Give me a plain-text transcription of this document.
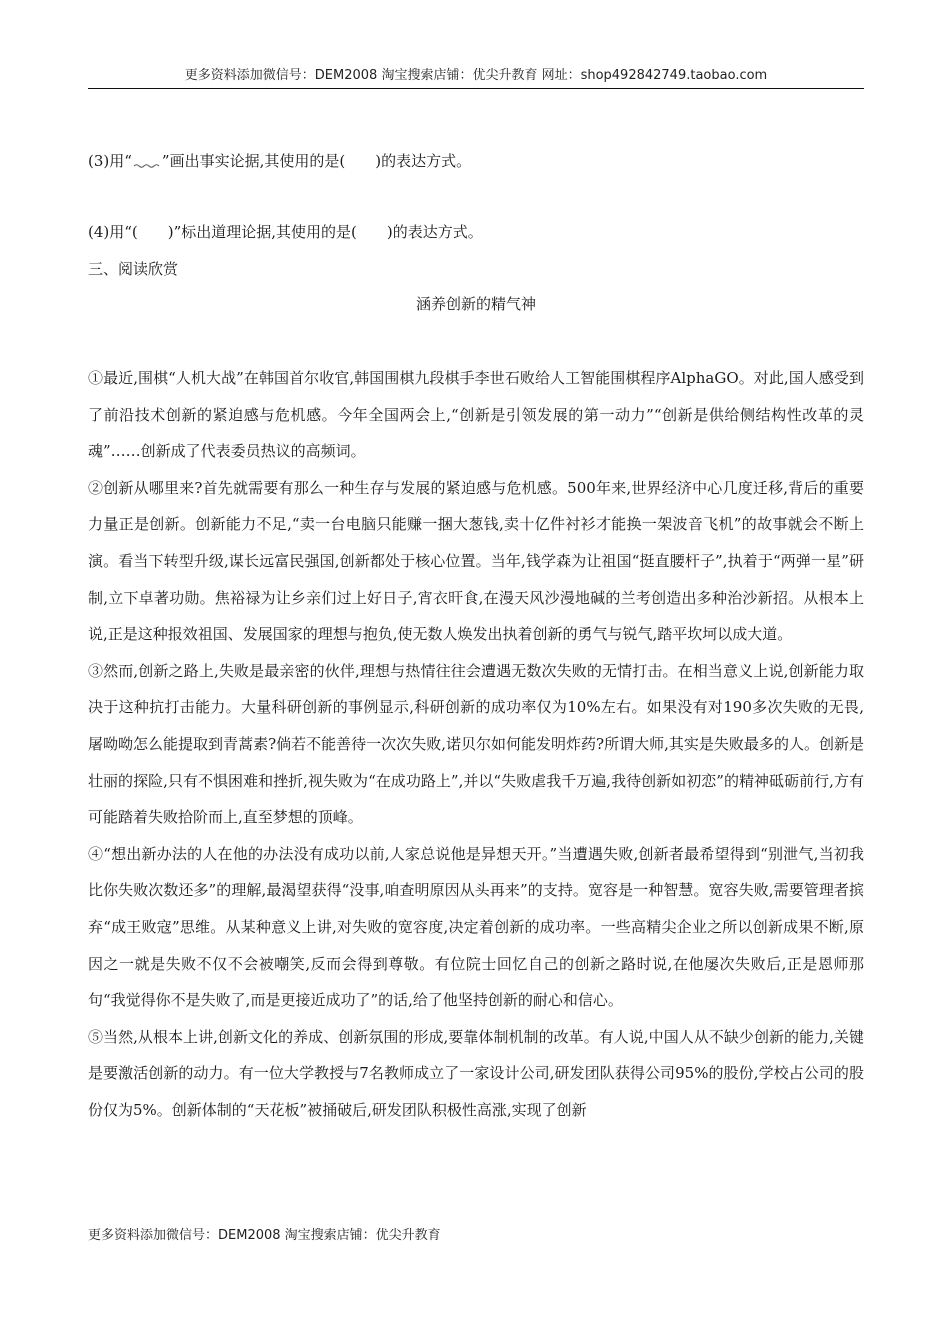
更多资料添加微信号：DEM2008 淘宝搜索店铺：优尖升教育 网址：shop492842749.taobao.com
(3)用“ ”画出事实论据,其使用的是(　　)的表达方式。
(4)用“(　　)”标出道理论据,其使用的是(　　)的表达方式。
三、阅读欣赏
涵养创新的精气神

①最近,围棋“人机大战”在韩国首尔收官,韩国围棋九段棋手李世石败给人工智能围棋程序AlphaGO。对此,国人感受到了前沿技术创新的紧迫感与危机感。今年全国两会上,“创新是引领发展的第一动力”“创新是供给侧结构性改革的灵魂”……创新成了代表委员热议的高频词。

②创新从哪里来?首先就需要有那么一种生存与发展的紧迫感与危机感。500年来,世界经济中心几度迁移,背后的重要力量正是创新。创新能力不足,“卖一台电脑只能赚一捆大葱钱,卖十亿件衬衫才能换一架波音飞机”的故事就会不断上演。看当下转型升级,谋长远富民强国,创新都处于核心位置。当年,钱学森为让祖国“挺直腰杆子”,执着于“两弹一星”研制,立下卓著功勋。焦裕禄为让乡亲们过上好日子,宵衣旰食,在漫天风沙漫地碱的兰考创造出多种治沙新招。从根本上说,正是这种报效祖国、发展国家的理想与抱负,使无数人焕发出执着创新的勇气与锐气,踏平坎坷以成大道。

③然而,创新之路上,失败是最亲密的伙伴,理想与热情往往会遭遇无数次失败的无情打击。在相当意义上说,创新能力取决于这种抗打击能力。大量科研创新的事例显示,科研创新的成功率仅为10%左右。如果没有对190多次失败的无畏,屠呦呦怎么能提取到青蒿素?倘若不能善待一次次失败,诺贝尔如何能发明炸药?所谓大师,其实是失败最多的人。创新是壮丽的探险,只有不惧困难和挫折,视失败为“在成功路上”,并以“失败虐我千万遍,我待创新如初恋”的精神砥砺前行,方有可能踏着失败拾阶而上,直至梦想的顶峰。

④“想出新办法的人在他的办法没有成功以前,人家总说他是异想天开。”当遭遇失败,创新者最希望得到“别泄气,当初我比你失败次数还多”的理解,最渴望获得“没事,咱查明原因从头再来”的支持。宽容是一种智慧。宽容失败,需要管理者摈弃“成王败寇”思维。从某种意义上讲,对失败的宽容度,决定着创新的成功率。一些高精尖企业之所以创新成果不断,原因之一就是失败不仅不会被嘲笑,反而会得到尊敬。有位院士回忆自己的创新之路时说,在他屡次失败后,正是恩师那句“我觉得你不是失败了,而是更接近成功了”的话,给了他坚持创新的耐心和信心。

⑤当然,从根本上讲,创新文化的养成、创新氛围的形成,要靠体制机制的改革。有人说,中国人从不缺少创新的能力,关键是要激活创新的动力。有一位大学教授与7名教师成立了一家设计公司,研发团队获得公司95%的股份,学校占公司的股份仅为5%。创新体制的“天花板”被捅破后,研发团队积极性高涨,实现了创新

更多资料添加微信号：DEM2008 淘宝搜索店铺：优尖升教育
